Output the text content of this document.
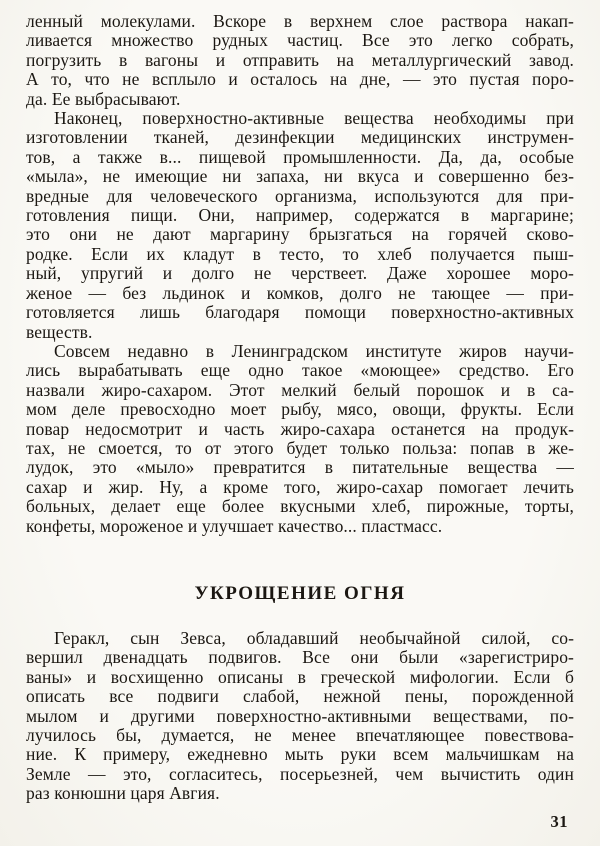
ленный молекулами. Вскоре в верхнем слое раствора накап-
ливается множество рудных частиц. Все это легко собрать,
погрузить в вагоны и отправить на металлургический завод.
А то, что не всплыло и осталось на дне, — это пустая поро-
да. Ее выбрасывают.
Наконец, поверхностно-активные вещества необходимы при
изготовлении тканей, дезинфекции медицинских инструмен-
тов, а также в... пищевой промышленности. Да, да, особые
«мыла», не имеющие ни запаха, ни вкуса и совершенно без-
вредные для человеческого организма, используются для при-
готовления пищи. Они, например, содержатся в маргарине;
это они не дают маргарину брызгаться на горячей сково-
родке. Если их кладут в тесто, то хлеб получается пыш-
ный, упругий и долго не черствеет. Даже хорошее моро-
женое — без льдинок и комков, долго не тающее — при-
готовляется лишь благодаря помощи поверхностно-активных
веществ.
Совсем недавно в Ленинградском институте жиров научи-
лись вырабатывать еще одно такое «моющее» средство. Его
назвали жиро-сахаром. Этот мелкий белый порошок и в са-
мом деле превосходно моет рыбу, мясо, овощи, фрукты. Если
повар недосмотрит и часть жиро-сахара останется на продук-
тах, не смоется, то от этого будет только польза: попав в же-
лудок, это «мыло» превратится в питательные вещества —
сахар и жир. Ну, а кроме того, жиро-сахар помогает лечить
больных, делает еще более вкусными хлеб, пирожные, торты,
конфеты, мороженое и улучшает качество... пластмасс.
УКРОЩЕНИЕ ОГНЯ
Геракл, сын Зевса, обладавший необычайной силой, со-
вершил двенадцать подвигов. Все они были «зарегистриро-
ваны» и восхищенно описаны в греческой мифологии. Если б
описать все подвиги слабой, нежной пены, порожденной
мылом и другими поверхностно-активными веществами, по-
лучилось бы, думается, не менее впечатляющее повествова-
ние. К примеру, ежедневно мыть руки всем мальчишкам на
Земле — это, согласитесь, посерьезней, чем вычистить один
раз конюшни царя Авгия.
31
